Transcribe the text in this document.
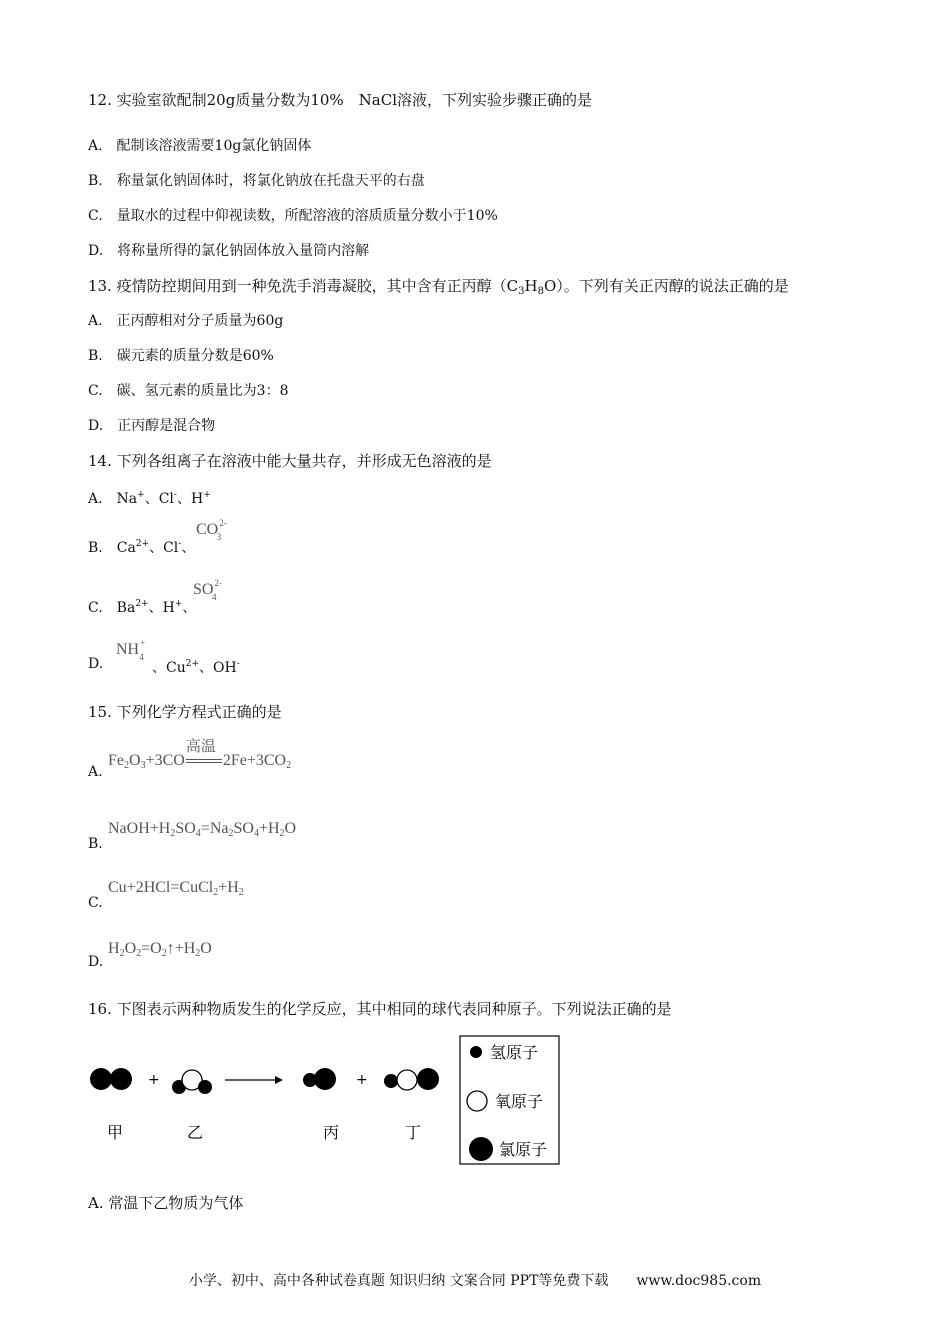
12. 实验室欲配制20g质量分数为10%　NaCl溶液，下列实验步骤正确的是
A.　配制该溶液需要10g氯化钠固体
B.　称量氯化钠固体时，将氯化钠放在托盘天平的右盘
C.　量取水的过程中仰视读数，所配溶液的溶质质量分数小于10%
D.　将称量所得的氯化钠固体放入量筒内溶解
13. 疫情防控期间用到一种免洗手消毒凝胶，其中含有正丙醇$(C_3H_8O)$。下列有关正丙醇的说法正确的是
A.　正丙醇相对分子质量为60g
B.　碳元素的质量分数是60%
C.　碳、氢元素的质量比为3：8
D.　正丙醇是混合物
14. 下列各组离子在溶液中能大量共存，并形成无色溶液的是
A.　Na+、Cl-、H+
B.　$Ca^{2+}$、Cl-、
$CO^{2-}_3$
C.　$Ba^{2+}$、H+、
$SO^{2-}_4$
D.
$NH^+_4$
、$Cu^{2+}$、OH-
15. 下列化学方程式正确的是
A.
$Fe_2O_3+3CO$
高温
$2Fe+3CO_2$
B.
$NaOH+H_2SO_4=Na_2SO_4+H_2O$
C.
$Cu+2HCl=CuCl_2+H_2$
D.
$H_2O_2=O_2↑+H_2O$
16. 下图表示两种物质发生的化学反应，其中相同的球代表同种原子。下列说法正确的是
+	+
甲	乙	丙	丁
氢原子
氧原子
氯原子
A. 常温下乙物质为气体
小学、初中、高中各种试卷真题 知识归纳 文案合同 PPT等免费下载　　www.doc985.com
